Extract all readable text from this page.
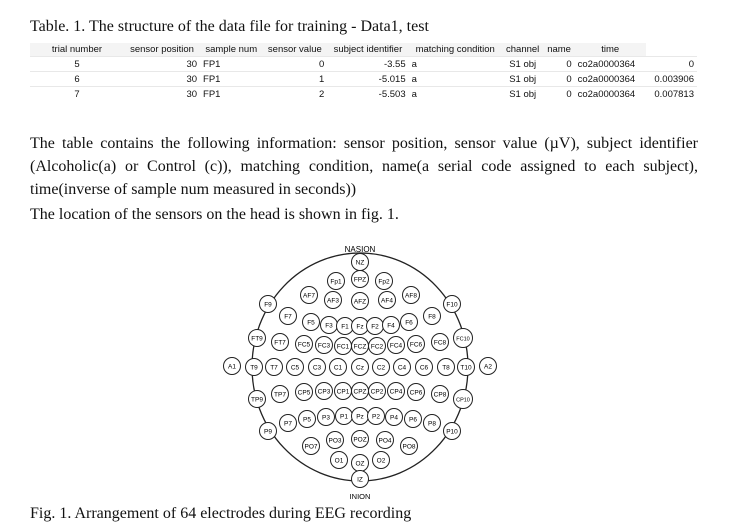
Table. 1. The structure of the data file for training - Data1, test
trial number	sensor position	sample num	sensor value	subject identifier	matching condition	channel	name	time	
5	30	FP1	0	-3.55	a	S1 obj	0	co2a0000364	0
6	30	FP1	1	-5.015	a	S1 obj	0	co2a0000364	0.003906
7	30	FP1	2	-5.503	a	S1 obj	0	co2a0000364	0.007813

The table contains the following information: sensor position, sensor value (µV), subject identifier (Alcoholic(a) or Control (c)), matching condition, name(a serial code assigned to each subject), time(inverse of sample num measured in seconds))

The location of the sensors on the head is shown in fig. 1.
NASION
INION
NZ
Fp1 FPZ Fp2
AF7
AF3 AFZ AF4
AF8
F9
F7
F5 F3 F1 Fz F2 F4 F6
F8
F10
FT9
FT7 FC5 FC3 FC1 FCZ FC2 FC4 FC6 FC8 FC10
A1 T9 T7 C5 C3 C1 Cz C2 C4 C6 T8 T10 A2
TP9
TP7 CP5 CP3 CP1 CPZ CP2 CP4 CP6 CP8
CP10
P9
P7
P5 P3 P1 Pz P2 P4 P6
P8
P10
PO7
PO3 POZ PO4
PO8
O1 OZ O2
IZ
Fig. 1. Arrangement of 64 electrodes during EEG recording
